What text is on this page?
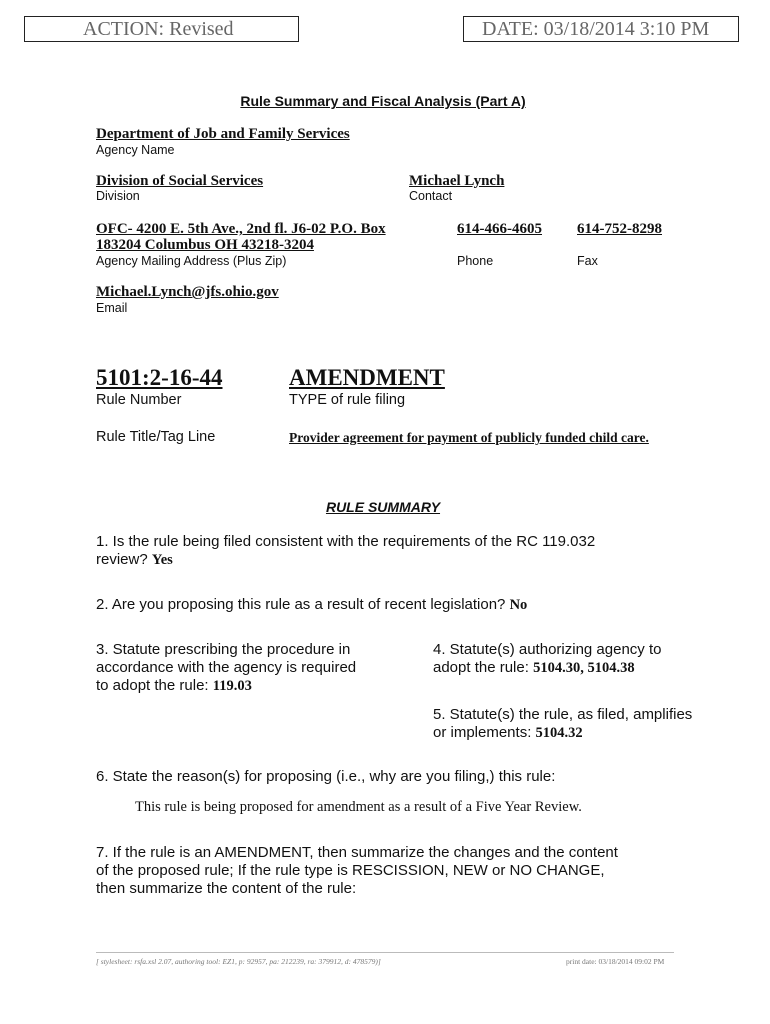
ACTION: Revised	DATE: 03/18/2014 3:10 PM
Rule Summary and Fiscal Analysis (Part A)
Department of Job and Family Services
Agency Name
Division of Social Services
Division
Michael Lynch
Contact
OFC- 4200 E. 5th Ave., 2nd fl. J6-02 P.O. Box
183204 Columbus OH 43218-3204
Agency Mailing Address (Plus Zip)
614-466-4605
Phone
614-752-8298
Fax
Michael.Lynch@jfs.ohio.gov
Email
5101:2-16-44
Rule Number
AMENDMENT
TYPE of rule filing
Rule Title/Tag Line	Provider agreement for payment of publicly funded child care.
RULE SUMMARY
1. Is the rule being filed consistent with the requirements of the RC 119.032
review? Yes
2. Are you proposing this rule as a result of recent legislation? No
3. Statute prescribing the procedure in
accordance with the agency is required
to adopt the rule: 119.03
4. Statute(s) authorizing agency to
adopt the rule: 5104.30, 5104.38
5. Statute(s) the rule, as filed, amplifies
or implements: 5104.32
6. State the reason(s) for proposing (i.e., why are you filing,) this rule:
This rule is being proposed for amendment as a result of a Five Year Review.
7. If the rule is an AMENDMENT, then summarize the changes and the content
of the proposed rule; If the rule type is RESCISSION, NEW or NO CHANGE,
then summarize the content of the rule:
[ stylesheet: rsfa.xsl 2.07, authoring tool: EZ1, p: 92957, pa: 212239, ra: 379912, d: 478579)]	print date: 03/18/2014 09:02 PM
